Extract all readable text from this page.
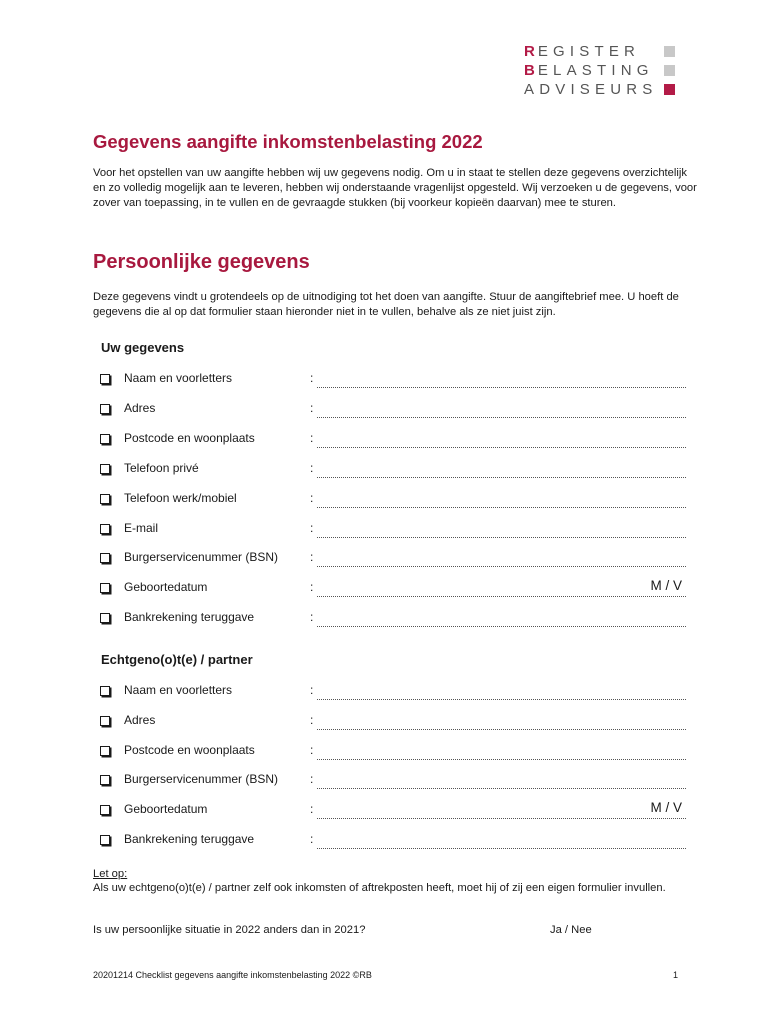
REGISTER
BELASTING
ADVISEURS
Gegevens aangifte inkomstenbelasting 2022

Voor het opstellen van uw aangifte hebben wij uw gegevens nodig. Om u in staat te stellen deze gegevens overzichtelijk en zo volledig mogelijk aan te leveren, hebben wij onderstaande vragenlijst opgesteld. Wij verzoeken u de gegevens, voor zover van toepassing, in te vullen en de gevraagde stukken (bij voorkeur kopieën daarvan) mee te sturen.

Persoonlijke gegevens

Deze gegevens vindt u grotendeels op de uitnodiging tot het doen van aangifte. Stuur de aangiftebrief mee. U hoeft de gegevens die al op dat formulier staan hieronder niet in te vullen, behalve als ze niet juist zijn.

Uw gegevens
Naam en voorletters	:
Adres	:
Postcode en woonplaats	:
Telefoon privé	:
Telefoon werk/mobiel	:
E-mail	:
Burgerservicenummer (BSN)	:
Geboortedatum	:	M / V
Bankrekening teruggave	:
Echtgeno(o)t(e) / partner
Naam en voorletters	:
Adres	:
Postcode en woonplaats	:
Burgerservicenummer (BSN)	:
Geboortedatum	:	M / V
Bankrekening teruggave	:
Let op:

Als uw echtgeno(o)t(e) / partner zelf ook inkomsten of aftrekposten heeft, moet hij of zij een eigen formulier invullen.

Is uw persoonlijke situatie in 2022 anders dan in 2021?	Ja / Nee
20201214 Checklist gegevens aangifte inkomstenbelasting 2022 ©RB	1
